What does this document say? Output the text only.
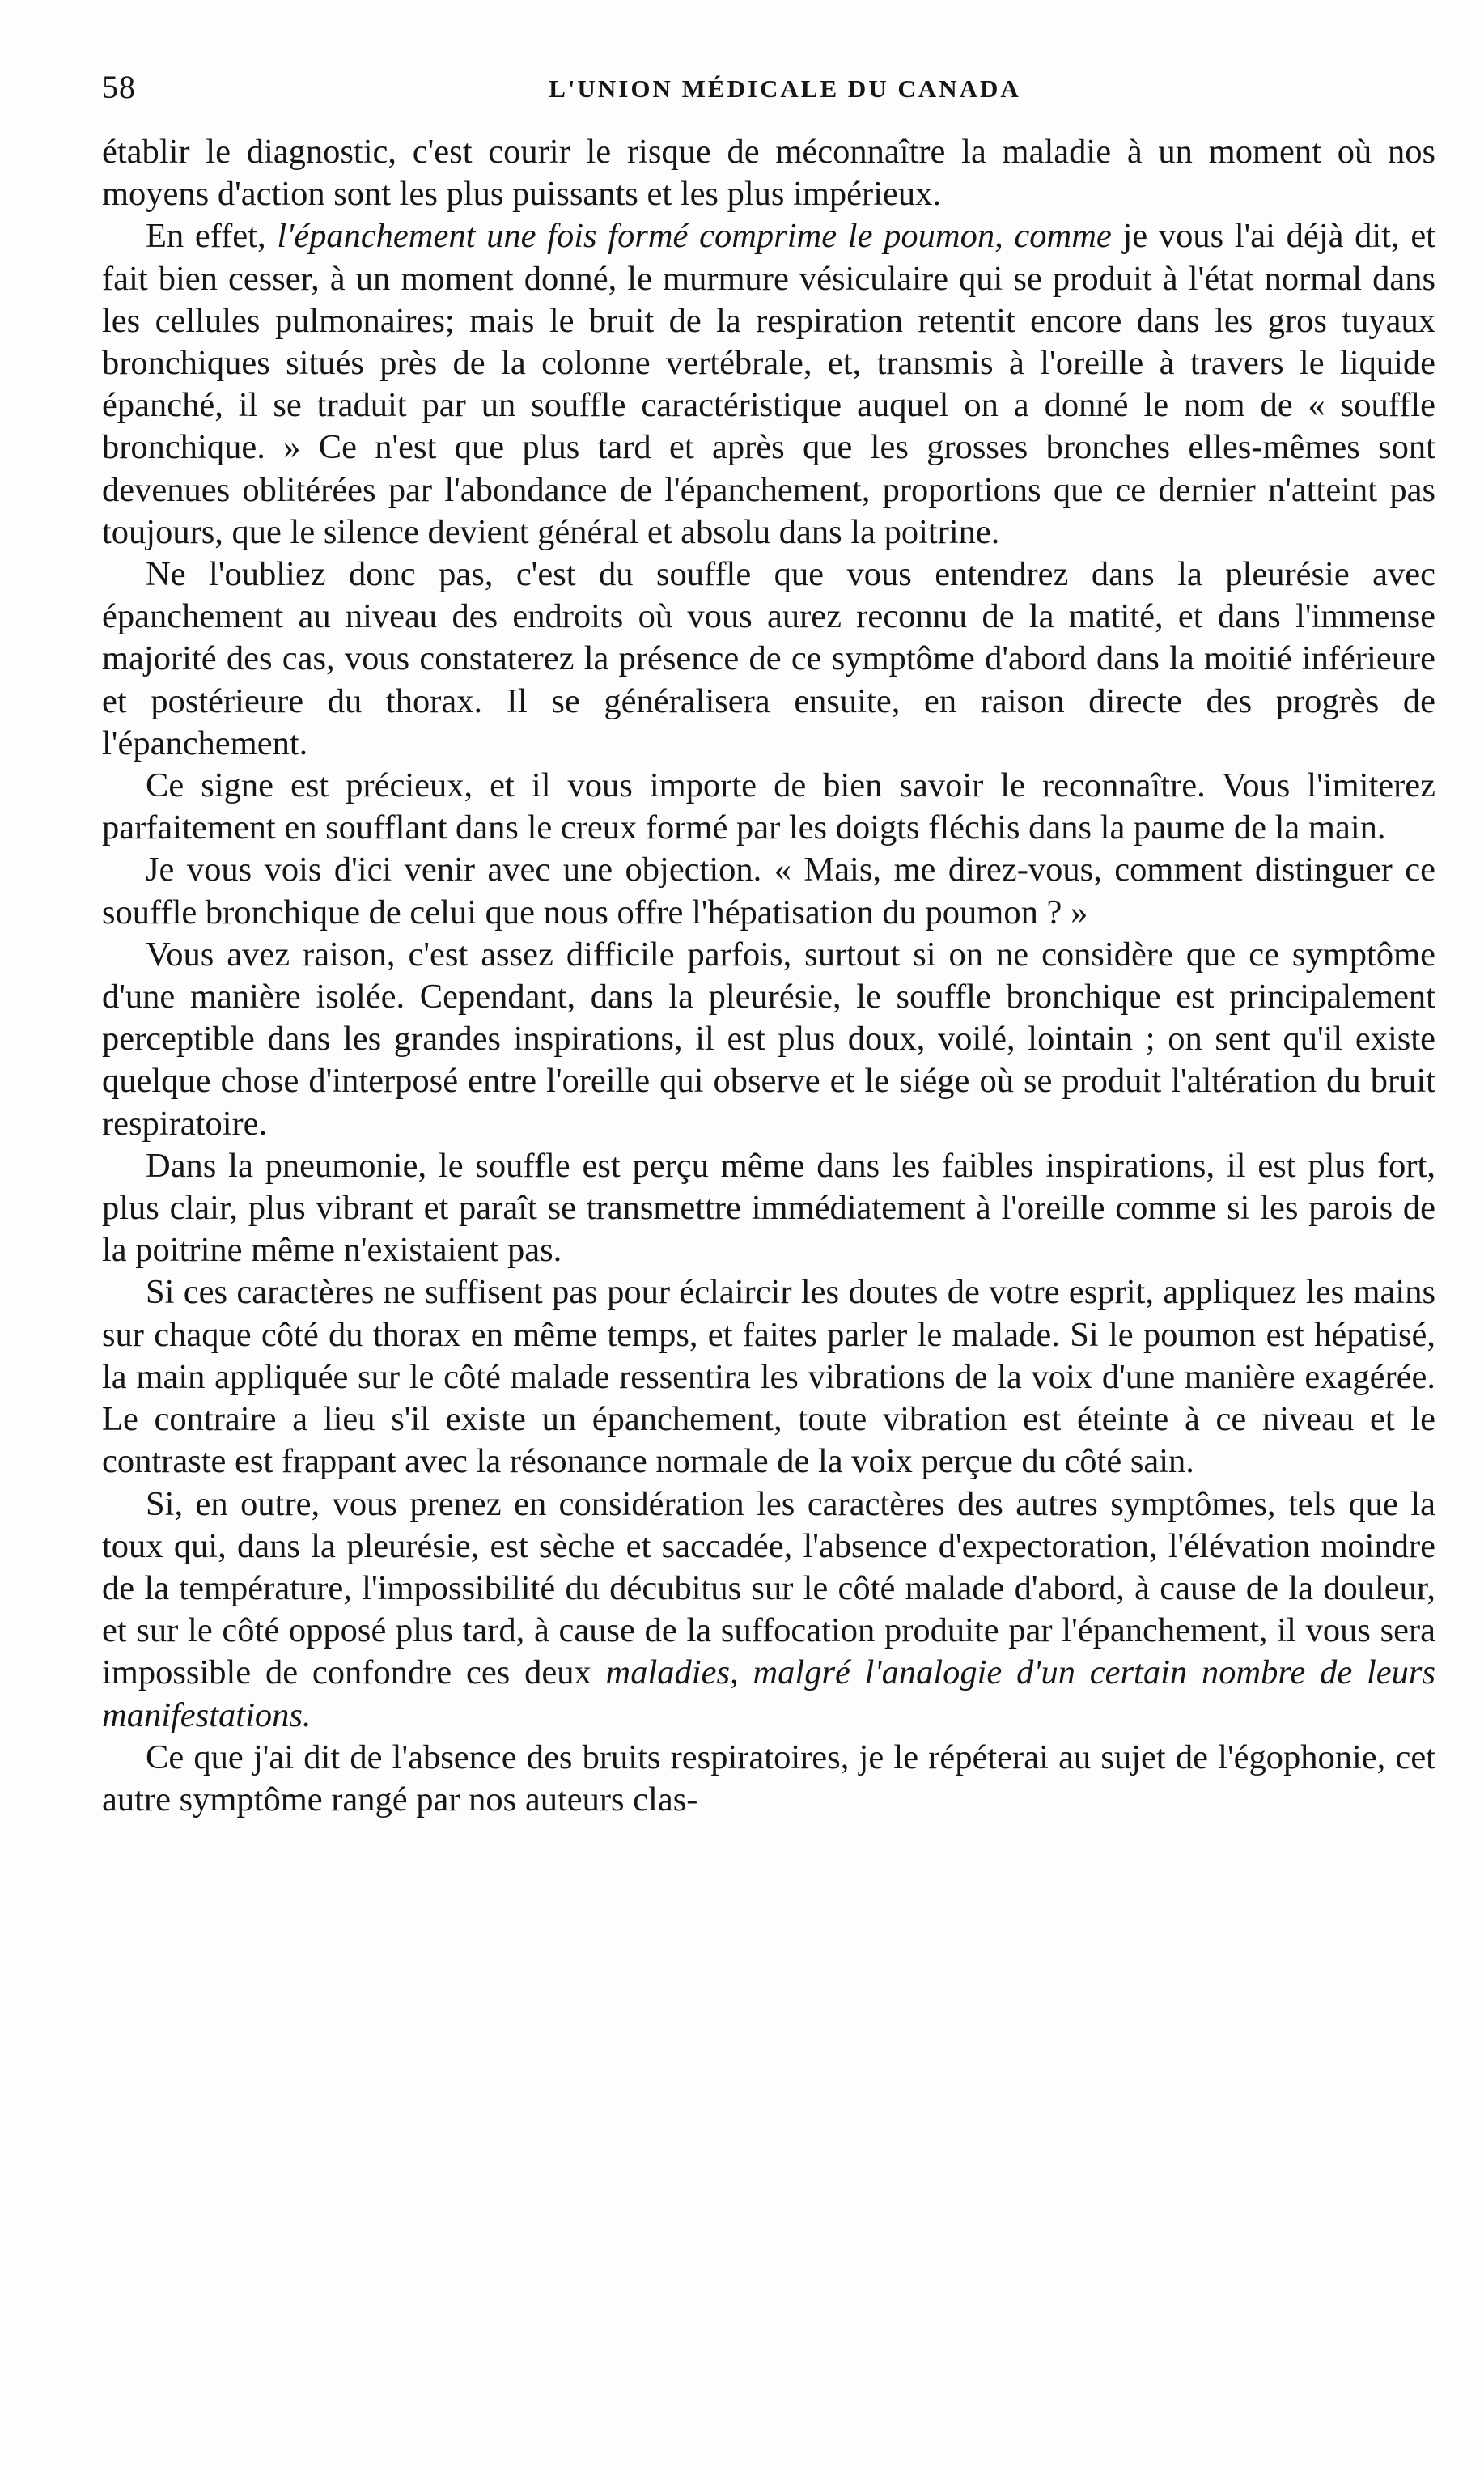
58	L'UNION MÉDICALE DU CANADA

établir le diagnostic, c'est courir le risque de méconnaître la maladie à un moment où nos moyens d'action sont les plus puissants et les plus impérieux.

En effet, l'épanchement une fois formé comprime le poumon, comme je vous l'ai déjà dit, et fait bien cesser, à un moment donné, le murmure vésiculaire qui se produit à l'état normal dans les cellules pulmonaires; mais le bruit de la respiration retentit encore dans les gros tuyaux bronchiques situés près de la colonne vertébrale, et, transmis à l'oreille à travers le liquide épanché, il se traduit par un souffle caractéristique auquel on a donné le nom de « souffle bronchique. » Ce n'est que plus tard et après que les grosses bronches elles-mêmes sont devenues oblitérées par l'abondance de l'épanchement, proportions que ce dernier n'atteint pas toujours, que le silence devient général et absolu dans la poitrine.

Ne l'oubliez donc pas, c'est du souffle que vous entendrez dans la pleurésie avec épanchement au niveau des endroits où vous aurez reconnu de la matité, et dans l'immense majorité des cas, vous constaterez la présence de ce symptôme d'abord dans la moitié inférieure et postérieure du thorax. Il se généralisera ensuite, en raison directe des progrès de l'épanchement.

Ce signe est précieux, et il vous importe de bien savoir le reconnaître. Vous l'imiterez parfaitement en soufflant dans le creux formé par les doigts fléchis dans la paume de la main.

Je vous vois d'ici venir avec une objection. « Mais, me direz-vous, comment distinguer ce souffle bronchique de celui que nous offre l'hépatisation du poumon ? »

Vous avez raison, c'est assez difficile parfois, surtout si on ne considère que ce symptôme d'une manière isolée. Cependant, dans la pleurésie, le souffle bronchique est principalement perceptible dans les grandes inspirations, il est plus doux, voilé, lointain ; on sent qu'il existe quelque chose d'interposé entre l'oreille qui observe et le siége où se produit l'altération du bruit respiratoire.

Dans la pneumonie, le souffle est perçu même dans les faibles inspirations, il est plus fort, plus clair, plus vibrant et paraît se transmettre immédiatement à l'oreille comme si les parois de la poitrine même n'existaient pas.

Si ces caractères ne suffisent pas pour éclaircir les doutes de votre esprit, appliquez les mains sur chaque côté du thorax en même temps, et faites parler le malade. Si le poumon est hépatisé, la main appliquée sur le côté malade ressentira les vibrations de la voix d'une manière exagérée. Le contraire a lieu s'il existe un épanchement, toute vibration est éteinte à ce niveau et le contraste est frappant avec la résonance normale de la voix perçue du côté sain.

Si, en outre, vous prenez en considération les caractères des autres symptômes, tels que la toux qui, dans la pleurésie, est sèche et saccadée, l'absence d'expectoration, l'élévation moindre de la température, l'impossibilité du décubitus sur le côté malade d'abord, à cause de la douleur, et sur le côté opposé plus tard, à cause de la suffocation produite par l'épanchement, il vous sera impossible de confondre ces deux maladies, malgré l'analogie d'un certain nombre de leurs manifestations.

Ce que j'ai dit de l'absence des bruits respiratoires, je le répéterai au sujet de l'égophonie, cet autre symptôme rangé par nos auteurs clas-
